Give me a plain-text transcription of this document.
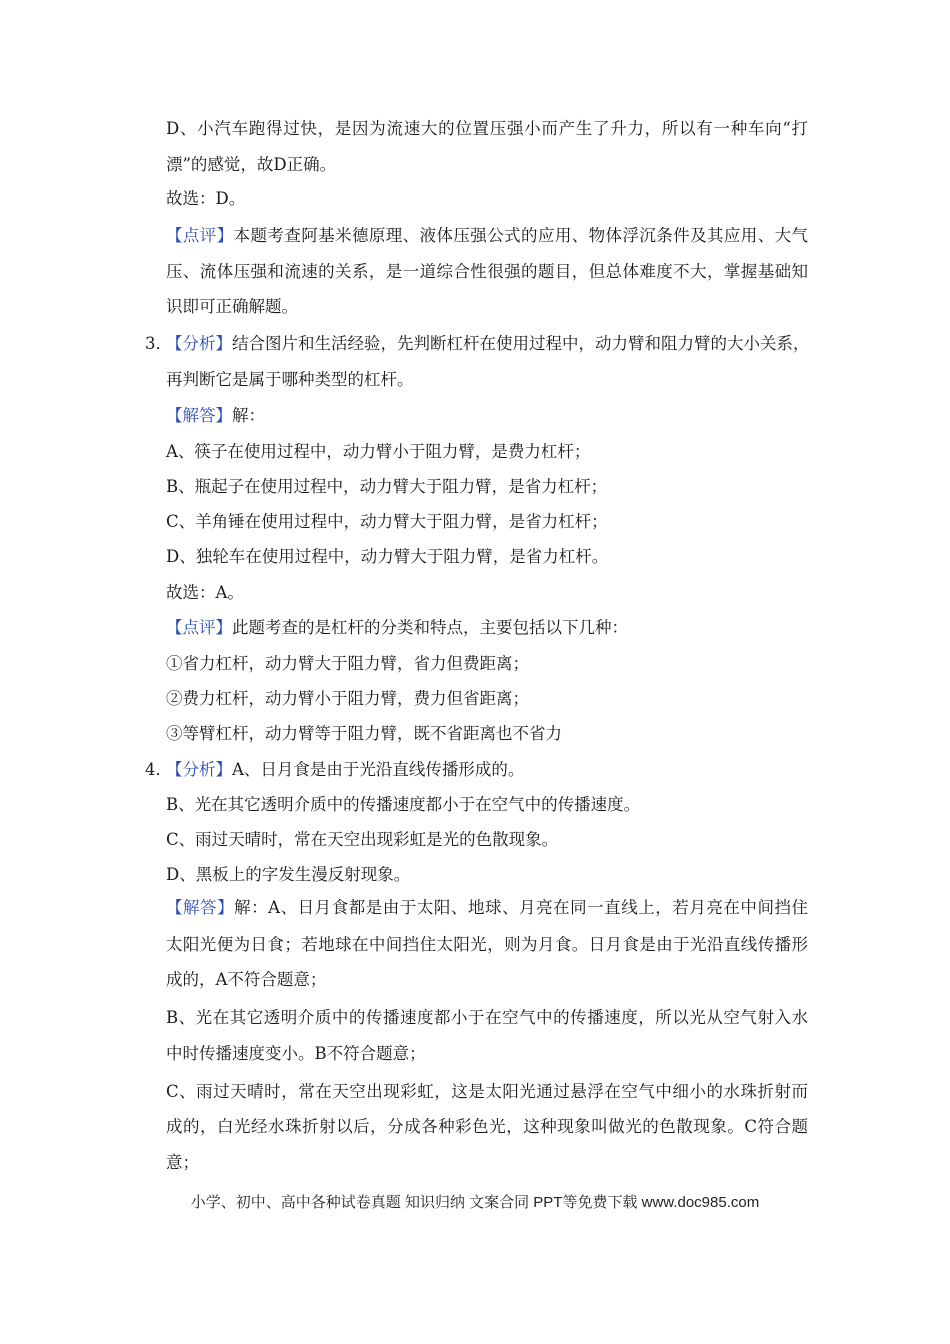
D、小汽车跑得过快，是因为流速大的位置压强小而产生了升力，所以有一种车向“打
漂”的感觉，故D正确。
故选：D。
【点评】本题考查阿基米德原理、液体压强公式的应用、物体浮沉条件及其应用、大气
压、流体压强和流速的关系，是一道综合性很强的题目，但总体难度不大，掌握基础知
识即可正确解题。
3．
【分析】结合图片和生活经验，先判断杠杆在使用过程中，动力臂和阻力臂的大小关系，
再判断它是属于哪种类型的杠杆。
【解答】解：
A、筷子在使用过程中，动力臂小于阻力臂，是费力杠杆；
B、瓶起子在使用过程中，动力臂大于阻力臂，是省力杠杆；
C、羊角锤在使用过程中，动力臂大于阻力臂，是省力杠杆；
D、独轮车在使用过程中，动力臂大于阻力臂，是省力杠杆。
故选：A。
【点评】此题考查的是杠杆的分类和特点，主要包括以下几种：
①省力杠杆，动力臂大于阻力臂，省力但费距离；
②费力杠杆，动力臂小于阻力臂，费力但省距离；
③等臂杠杆，动力臂等于阻力臂，既不省距离也不省力
4．
【分析】A、日月食是由于光沿直线传播形成的。
B、光在其它透明介质中的传播速度都小于在空气中的传播速度。
C、雨过天晴时，常在天空出现彩虹是光的色散现象。
D、黑板上的字发生漫反射现象。
【解答】解：A、日月食都是由于太阳、地球、月亮在同一直线上，若月亮在中间挡住
太阳光便为日食；若地球在中间挡住太阳光，则为月食。日月食是由于光沿直线传播形
成的，A不符合题意；
B、光在其它透明介质中的传播速度都小于在空气中的传播速度，所以光从空气射入水
中时传播速度变小。B不符合题意；
C、雨过天晴时，常在天空出现彩虹，这是太阳光通过悬浮在空气中细小的水珠折射而
成的，白光经水珠折射以后，分成各种彩色光，这种现象叫做光的色散现象。C符合题
意；
小学、初中、高中各种试卷真题 知识归纳 文案合同 PPT等免费下载 www.doc985.com
